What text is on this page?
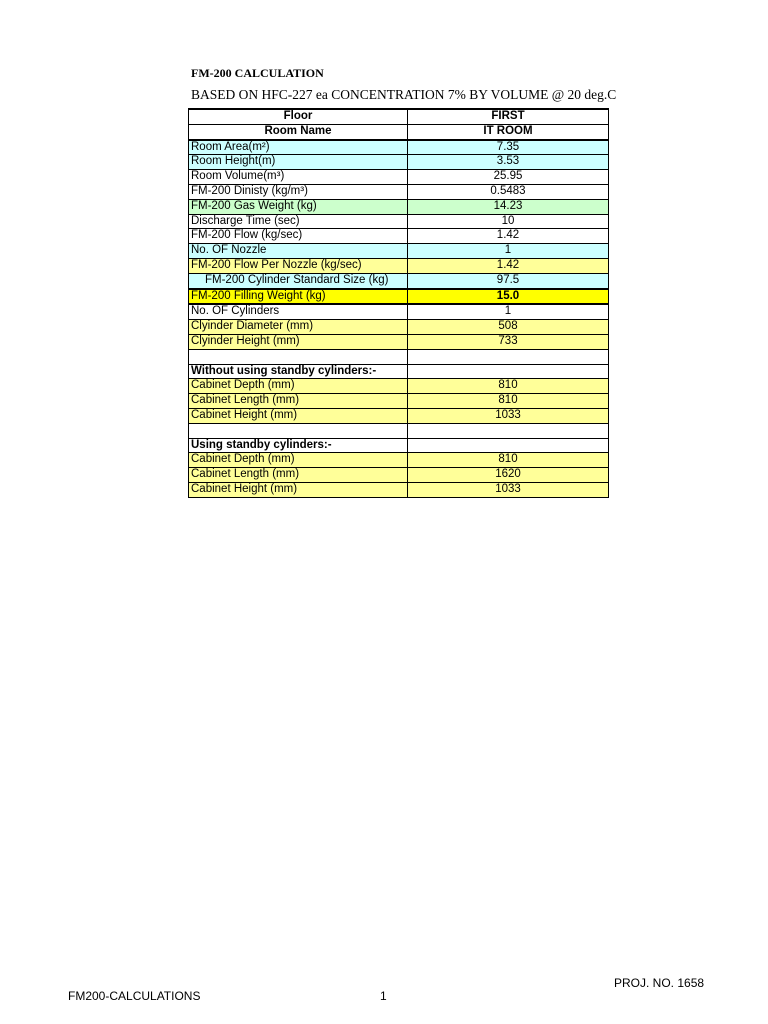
FM-200 CALCULATION
BASED ON HFC-227 ea CONCENTRATION 7% BY VOLUME @ 20 deg.C
Floor	FIRST
Room Name	IT ROOM
Room Area(m²)	7.35
Room Height(m)	3.53
Room Volume(m³)	25.95
FM-200 Dinisty (kg/m³)	0.5483
FM-200 Gas Weight (kg)	14.23
Discharge Time (sec)	10
FM-200 Flow (kg/sec)	1.42
No. OF Nozzle	1
FM-200 Flow Per Nozzle (kg/sec)	1.42
FM-200 Cylinder Standard Size (kg)	97.5
FM-200 Filling Weight (kg)	15.0
No. OF Cylinders	1
Clyinder Diameter (mm)	508
Clyinder Height (mm)	733

Without using standby cylinders:-	
Cabinet Depth (mm)	810
Cabinet Length (mm)	810
Cabinet Height (mm)	1033

Using standby cylinders:-	
Cabinet Depth (mm)	810
Cabinet Length (mm)	1620
Cabinet Height (mm)	1033
FM200-CALCULATIONS	1
PROJ. NO. 1658
